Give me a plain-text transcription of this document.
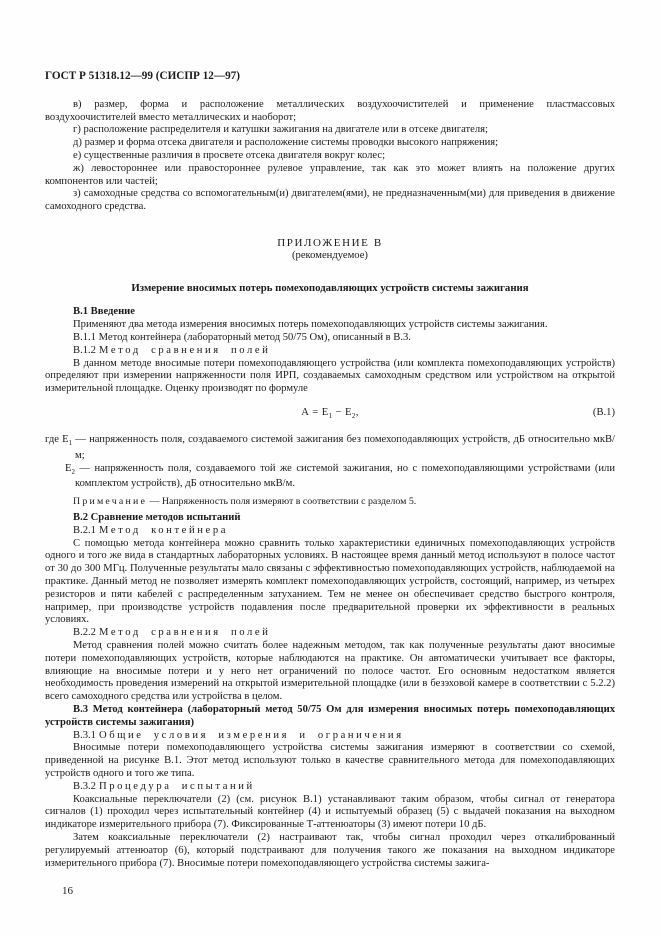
ГОСТ Р 51318.12—99 (СИСПР 12—97)

в) размер, форма и расположение металлических воздухоочистителей и применение пластмассовых воздухоочистителей вместо металлических и наоборот;

г) расположение распределителя и катушки зажигания на двигателе или в отсеке двигателя;

д) размер и форма отсека двигателя и расположение системы проводки высокого напряжения;

е) существенные различия в просвете отсека двигателя вокруг колес;

ж) левостороннее или правостороннее рулевое управление, так как это может влиять на положение других компонентов или частей;

з) самоходные средства со вспомогательным(и) двигателем(ями), не предназначенным(ми) для приведения в движение самоходного средства.

ПРИЛОЖЕНИЕ В
(рекомендуемое)
Измерение вносимых потерь помехоподавляющих устройств системы зажигания

В.1 Введение

Применяют два метода измерения вносимых потерь помехоподавляющих устройств системы зажигания.

В.1.1 Метод контейнера (лабораторный метод 50/75 Ом), описанный в В.3.

В.1.2 Метод сравнения полей

В данном методе вносимые потери помехоподавляющего устройства (или комплекта помехоподавляющих устройств) определяют при измерении напряженности поля ИРП, создаваемых самоходным средством или устройством на открытой измерительной площадке. Оценку производят по формуле

$А = Е_1 - Е_2$,	(В.1)
где $Е_1$ — напряженность поля, создаваемого системой зажигания без помехоподавляющих устройств, дБ относительно мкВ/м;
$Е_2$ — напряженность поля, создаваемого той же системой зажигания, но с помехоподавляющими устройствами (или комплектом устройств), дБ относительно мкВ/м.

Примечание — Напряженность поля измеряют в соответствии с разделом 5.

В.2 Сравнение методов испытаний

В.2.1 Метод контейнера

С помощью метода контейнера можно сравнить только характеристики единичных помехоподавляющих устройств одного и того же вида в стандартных лабораторных условиях. В настоящее время данный метод используют в полосе частот от 30 до 300 МГц. Полученные результаты мало связаны с эффективностью помехоподавляющих устройств, наблюдаемой на практике. Данный метод не позволяет измерять комплект помехоподавляющих устройств, состоящий, например, из четырех резисторов и пяти кабелей с распределенным затуханием. Тем не менее он обеспечивает средство быстрого контроля, например, при производстве устройств подавления после предварительной проверки их эффективности в реальных условиях.

В.2.2 Метод сравнения полей

Метод сравнения полей можно считать более надежным методом, так как полученные результаты дают вносимые потери помехоподавляющих устройств, которые наблюдаются на практике. Он автоматически учитывает все факторы, влияющие на вносимые потери и у него нет ограничений по полосе частот. Его основным недостатком является необходимость проведения измерений на открытой измерительной площадке (или в безэховой камере в соответствии с 5.2.2) всего самоходного средства или устройства в целом.

В.3 Метод контейнера (лабораторный метод 50/75 Ом для измерения вносимых потерь помехоподавляющих устройств системы зажигания)

В.3.1 Общие условия измерения и ограничения

Вносимые потери помехоподавляющего устройства системы зажигания измеряют в соответствии со схемой, приведенной на рисунке В.1. Этот метод используют только в качестве сравнительного метода для помехоподавляющих устройств одного и того же типа.

В.3.2 Процедура испытаний

Коаксиальные переключатели (2) (см. рисунок В.1) устанавливают таким образом, чтобы сигнал от генератора сигналов (1) проходил через испытательный контейнер (4) и испытуемый образец (5) с выдачей показания на выходном индикаторе измерительного прибора (7). Фиксированные Т-аттенюаторы (3) имеют потери 10 дБ.

Затем коаксиальные переключатели (2) настраивают так, чтобы сигнал проходил через откалиброванный регулируемый аттенюатор (6), который подстраивают для получения такого же показания на выходном индикаторе измерительного прибора (7). Вносимые потери помехоподавляющего устройства системы зажига-

16
